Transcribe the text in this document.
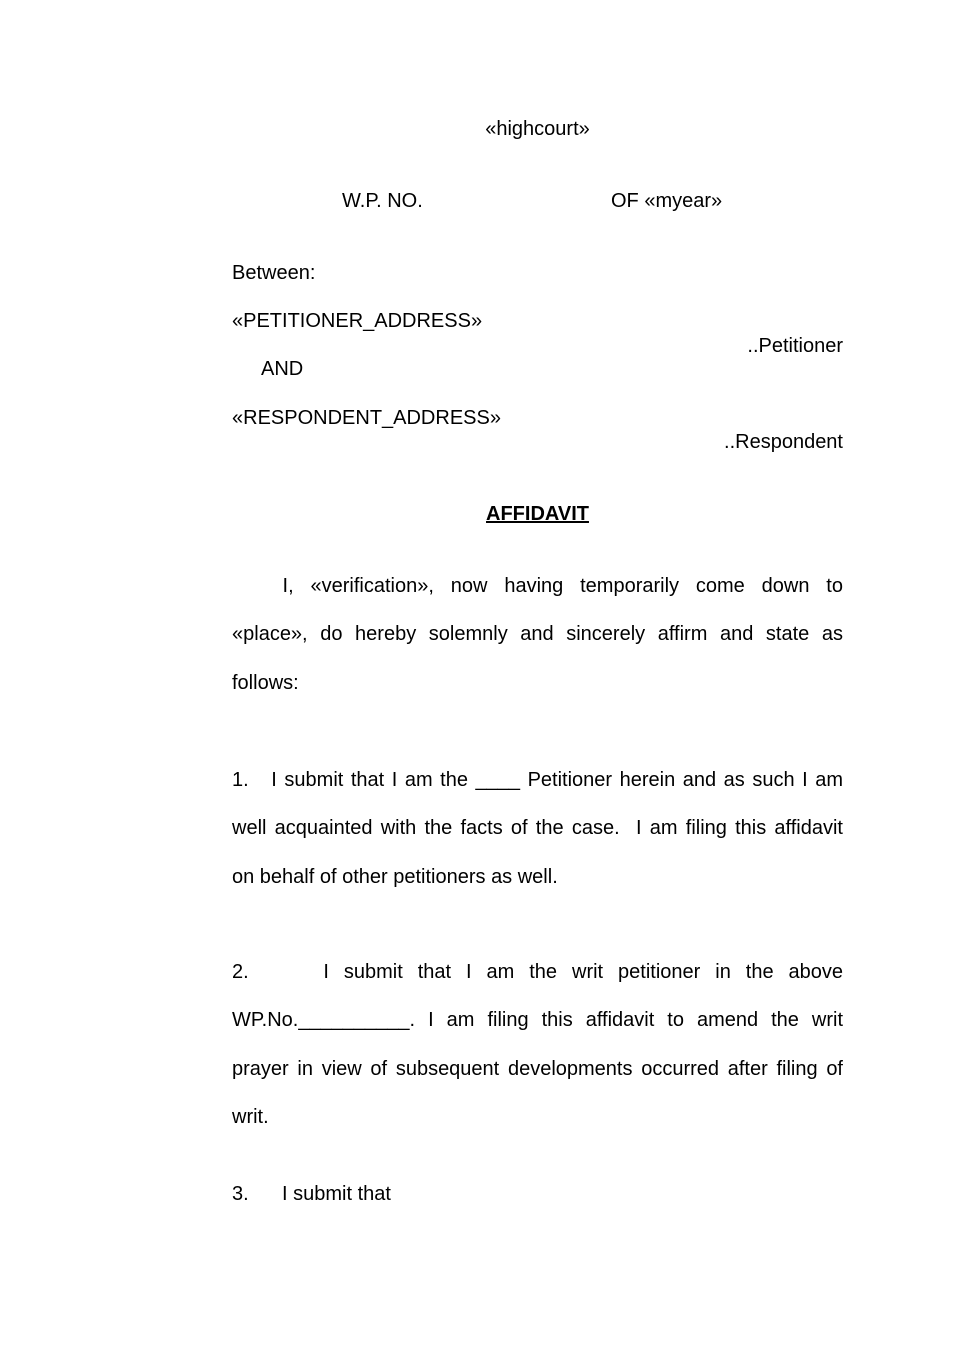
«highcourt»
W.P. NO.	OF «myear»
Between:
«PETITIONER_ADDRESS»
..Petitioner
AND
«RESPONDENT_ADDRESS»
..Respondent
AFFIDAVIT
I, «verification», now having temporarily come down to
«place», do hereby solemnly and sincerely affirm and state as
follows:
1.   I submit that I am the ____ Petitioner herein and as such I am
well acquainted with the facts of the case.  I am filing this affidavit
on behalf of other petitioners as well.
2.     I submit that I am the writ petitioner in the above
WP.No.__________. I am filing this affidavit to amend the writ
prayer in view of subsequent developments occurred after filing of
writ.
3.      I submit that
